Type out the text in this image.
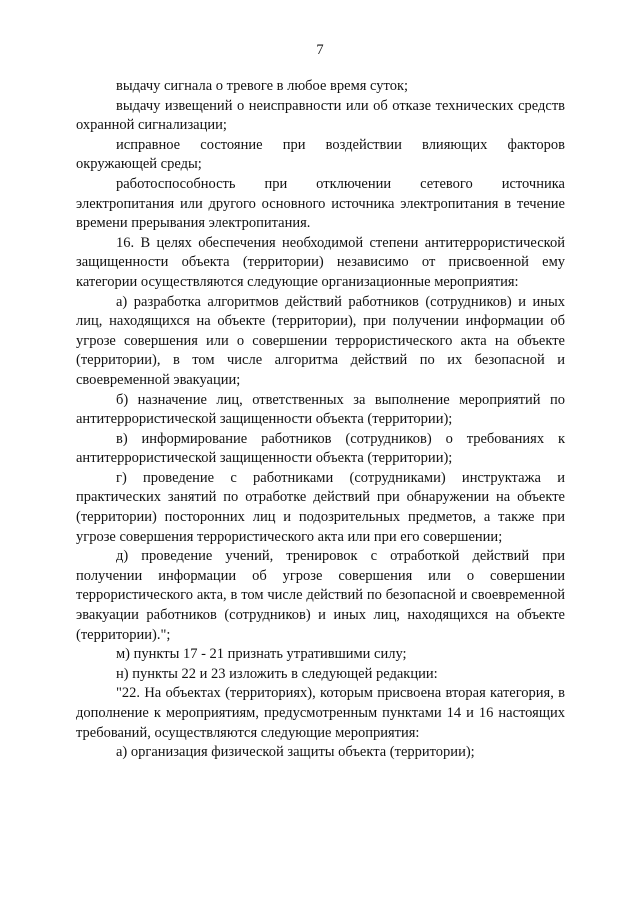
7

выдачу сигнала о тревоге в любое время суток;

выдачу извещений о неисправности или об отказе технических средств охранной сигнализации;

исправное состояние при воздействии влияющих факторов окружающей среды;

работоспособность при отключении сетевого источника электропитания или другого основного источника электропитания в течение времени прерывания электропитания.

16. В целях обеспечения необходимой степени антитеррористической защищенности объекта (территории) независимо от присвоенной ему категории осуществляются следующие организационные мероприятия:

а) разработка алгоритмов действий работников (сотрудников) и иных лиц, находящихся на объекте (территории), при получении информации об угрозе совершения или о совершении террористического акта на объекте (территории), в том числе алгоритма действий по их безопасной и своевременной эвакуации;

б) назначение лиц, ответственных за выполнение мероприятий по антитеррористической защищенности объекта (территории);

в) информирование работников (сотрудников) о требованиях к антитеррористической защищенности объекта (территории);

г) проведение с работниками (сотрудниками) инструктажа и практических занятий по отработке действий при обнаружении на объекте (территории) посторонних лиц и подозрительных предметов, а также при угрозе совершения террористического акта или при его совершении;

д) проведение учений, тренировок с отработкой действий при получении информации об угрозе совершения или о совершении террористического акта, в том числе действий по безопасной и своевременной эвакуации работников (сотрудников) и иных лиц, находящихся на объекте (территории).";

м) пункты 17 - 21 признать утратившими силу;

н) пункты 22 и 23 изложить в следующей редакции:

"22. На объектах (территориях), которым присвоена вторая категория, в дополнение к мероприятиям, предусмотренным пунктами 14 и 16 настоящих требований, осуществляются следующие мероприятия:

а) организация физической защиты объекта (территории);
